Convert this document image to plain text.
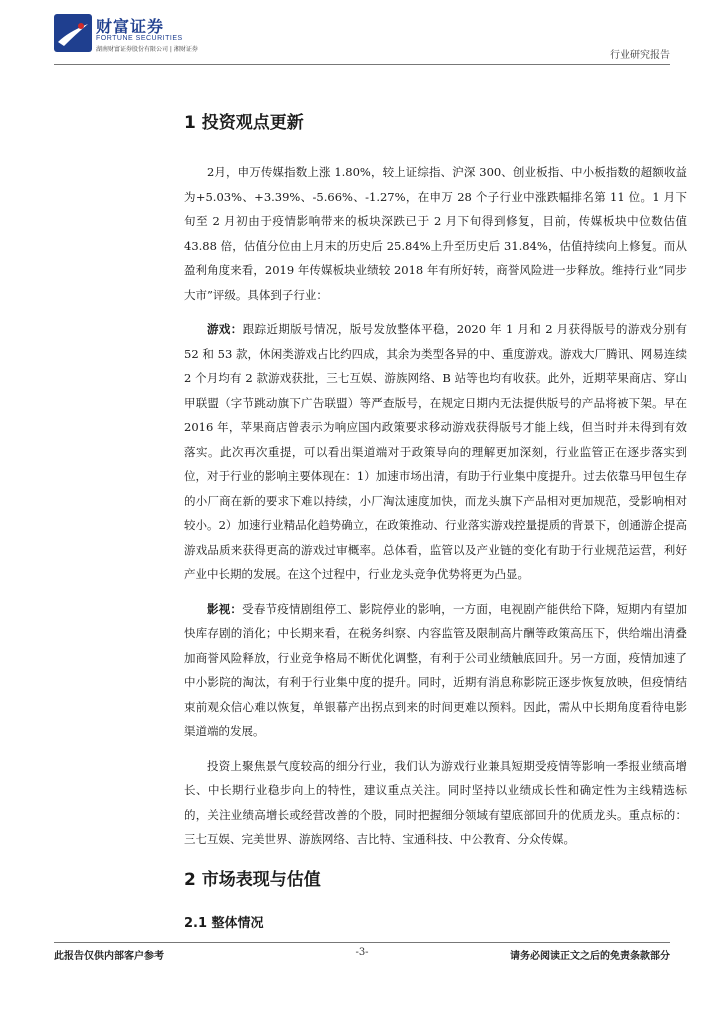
财富证券
FORTUNE SECURITIES
湖南财富证券股份有限公司 | 湘财证券
行业研究报告
1 投资观点更新

2月，申万传媒指数上涨 1.80%，较上证综指、沪深 300、创业板指、中小板指数的超额收益为+5.03%、+3.39%、-5.66%、-1.27%，在申万 28 个子行业中涨跌幅排名第 11 位。1 月下旬至 2 月初由于疫情影响带来的板块深跌已于 2 月下旬得到修复，目前，传媒板块中位数估值 43.88 倍，估值分位由上月末的历史后 25.84%上升至历史后 31.84%，估值持续向上修复。而从盈利角度来看，2019 年传媒板块业绩较 2018 年有所好转，商誉风险进一步释放。维持行业“同步大市”评级。具体到子行业：

游戏：跟踪近期版号情况，版号发放整体平稳，2020 年 1 月和 2 月获得版号的游戏分别有 52 和 53 款，休闲类游戏占比约四成，其余为类型各异的中、重度游戏。游戏大厂腾讯、网易连续 2 个月均有 2 款游戏获批，三七互娱、游族网络、B 站等也均有收获。此外，近期苹果商店、穿山甲联盟（字节跳动旗下广告联盟）等严查版号，在规定日期内无法提供版号的产品将被下架。早在 2016 年，苹果商店曾表示为响应国内政策要求移动游戏获得版号才能上线，但当时并未得到有效落实。此次再次重提，可以看出渠道端对于政策导向的理解更加深刻，行业监管正在逐步落实到位，对于行业的影响主要体现在：1）加速市场出清，有助于行业集中度提升。过去依靠马甲包生存的小厂商在新的要求下难以持续，小厂淘汰速度加快，而龙头旗下产品相对更加规范，受影响相对较小。2）加速行业精品化趋势确立，在政策推动、行业落实游戏控量提质的背景下，创通游企提高游戏品质来获得更高的游戏过审概率。总体看，监管以及产业链的变化有助于行业规范运营，利好产业中长期的发展。在这个过程中，行业龙头竞争优势将更为凸显。

影视：受春节疫情剧组停工、影院停业的影响，一方面，电视剧产能供给下降，短期内有望加快库存剧的消化；中长期来看，在税务纠察、内容监管及限制高片酬等政策高压下，供给端出清叠加商誉风险释放，行业竞争格局不断优化调整，有利于公司业绩触底回升。另一方面，疫情加速了中小影院的淘汰，有利于行业集中度的提升。同时，近期有消息称影院正逐步恢复放映，但疫情结束前观众信心难以恢复，单银幕产出拐点到来的时间更难以预料。因此，需从中长期角度看待电影渠道端的发展。

投资上聚焦景气度较高的细分行业，我们认为游戏行业兼具短期受疫情等影响一季报业绩高增长、中长期行业稳步向上的特性，建议重点关注。同时坚持以业绩成长性和确定性为主线精选标的，关注业绩高增长或经营改善的个股，同时把握细分领域有望底部回升的优质龙头。重点标的：三七互娱、完美世界、游族网络、吉比特、宝通科技、中公教育、分众传媒。

2 市场表现与估值
2.1 整体情况
此报告仅供内部客户参考	-3-	请务必阅读正文之后的免责条款部分
